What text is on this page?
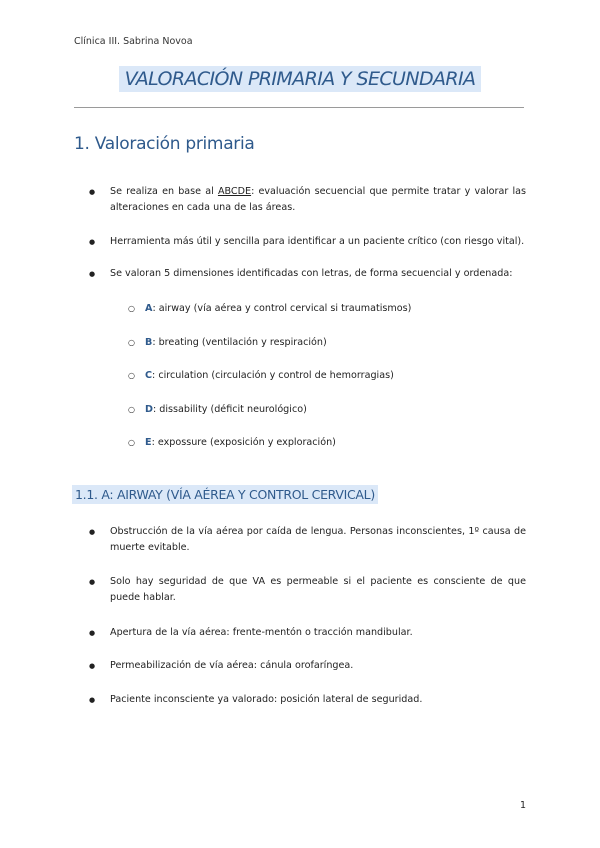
Clínica III. Sabrina Novoa
VALORACIÓN PRIMARIA Y SECUNDARIA
1. Valoración primaria
● Se realiza en base al ABCDE: evaluación secuencial que permite tratar y valorar las alteraciones en cada una de las áreas.
● Herramienta más útil y sencilla para identificar a un paciente crítico (con riesgo vital).
● Se valoran 5 dimensiones identificadas con letras, de forma secuencial y ordenada:
○ A: airway (vía aérea y control cervical si traumatismos)
○ B: breating (ventilación y respiración)
○ C: circulation (circulación y control de hemorragias)
○ D: dissability (déficit neurológico)
○ E: expossure (exposición y exploración)
1.1. A: AIRWAY (VÍA AÉREA Y CONTROL CERVICAL)
● Obstrucción de la vía aérea por caída de lengua. Personas inconscientes, 1º causa de muerte evitable.
● Solo hay seguridad de que VA es permeable si el paciente es consciente de que puede hablar.
● Apertura de la vía aérea: frente-mentón o tracción mandibular.
● Permeabilización de vía aérea: cánula orofaríngea.
● Paciente inconsciente ya valorado: posición lateral de seguridad.
1
